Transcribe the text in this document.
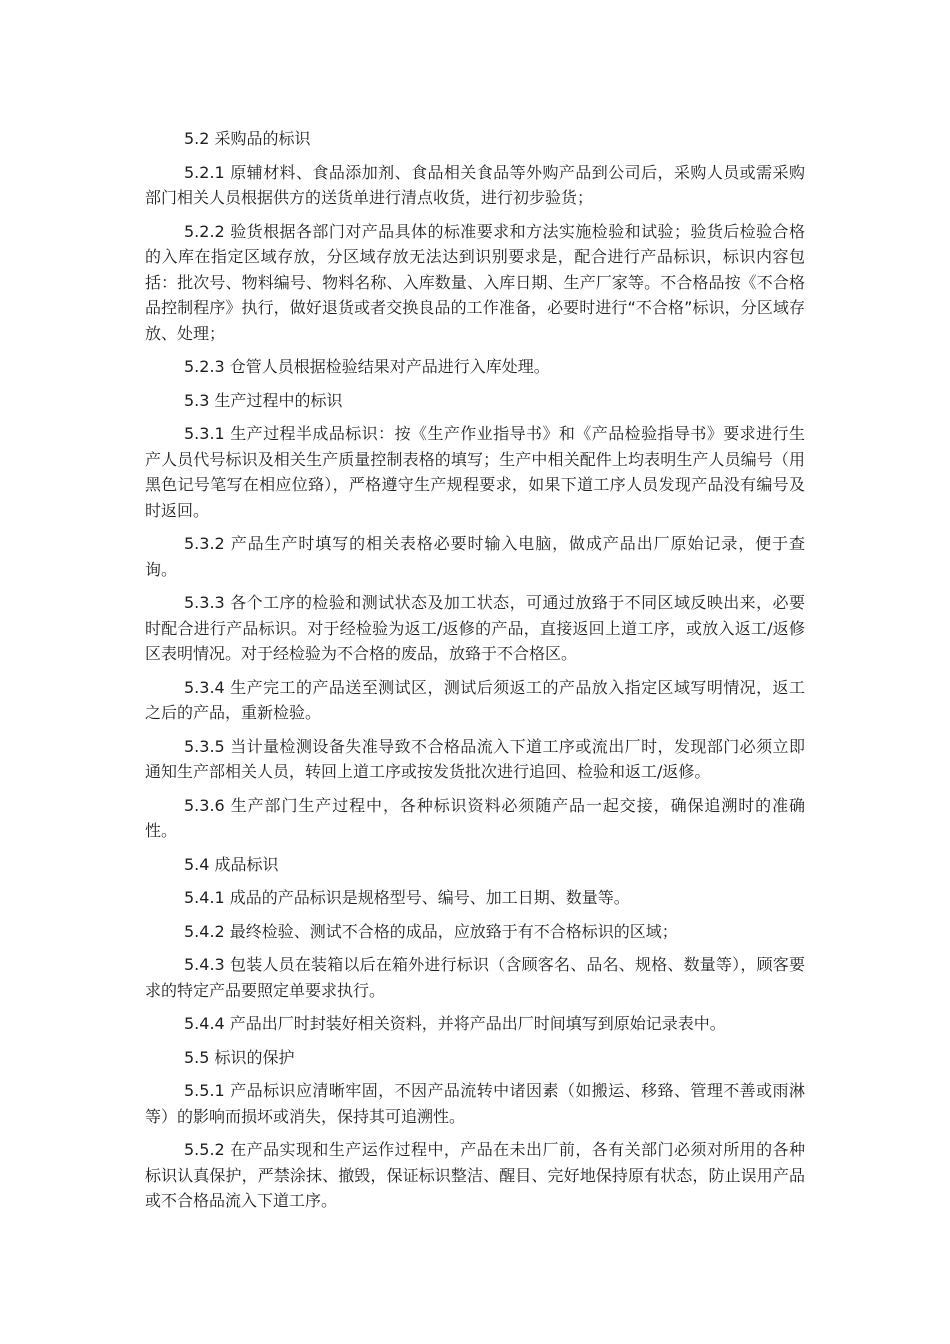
5.2 采购品的标识

5.2.1 原辅材料、食品添加剂、食品相关食品等外购产品到公司后，采购人员或需采购部门相关人员根据供方的送货单进行清点收货，进行初步验货；

5.2.2 验货根据各部门对产品具体的标准要求和方法实施检验和试验；验货后检验合格的入库在指定区域存放，分区域存放无法达到识别要求是，配合进行产品标识，标识内容包括：批次号、物料编号、物料名称、入库数量、入库日期、生产厂家等。不合格品按《不合格品控制程序》执行，做好退货或者交换良品的工作准备，必要时进行“不合格”标识，分区域存放、处理；

5.2.3 仓管人员根据检验结果对产品进行入库处理。

5.3 生产过程中的标识

5.3.1 生产过程半成品标识：按《生产作业指导书》和《产品检验指导书》要求进行生产人员代号标识及相关生产质量控制表格的填写；生产中相关配件上均表明生产人员编号（用黑色记号笔写在相应位臵），严格遵守生产规程要求，如果下道工序人员发现产品没有编号及时返回。

5.3.2 产品生产时填写的相关表格必要时输入电脑，做成产品出厂原始记录，便于查询。

5.3.3 各个工序的检验和测试状态及加工状态，可通过放臵于不同区域反映出来，必要时配合进行产品标识。对于经检验为返工/返修的产品，直接返回上道工序，或放入返工/返修区表明情况。对于经检验为不合格的废品，放臵于不合格区。

5.3.4 生产完工的产品送至测试区，测试后须返工的产品放入指定区域写明情况，返工之后的产品，重新检验。

5.3.5 当计量检测设备失准导致不合格品流入下道工序或流出厂时，发现部门必须立即通知生产部相关人员，转回上道工序或按发货批次进行追回、检验和返工/返修。

5.3.6 生产部门生产过程中，各种标识资料必须随产品一起交接，确保追溯时的准确性。

5.4 成品标识

5.4.1 成品的产品标识是规格型号、编号、加工日期、数量等。

5.4.2 最终检验、测试不合格的成品，应放臵于有不合格标识的区域；

5.4.3 包装人员在装箱以后在箱外进行标识（含顾客名、品名、规格、数量等），顾客要求的特定产品要照定单要求执行。

5.4.4 产品出厂时封装好相关资料，并将产品出厂时间填写到原始记录表中。

5.5 标识的保护

5.5.1 产品标识应清晰牢固，不因产品流转中诸因素（如搬运、移臵、管理不善或雨淋等）的影响而损坏或消失，保持其可追溯性。

5.5.2 在产品实现和生产运作过程中，产品在未出厂前，各有关部门必须对所用的各种标识认真保护，严禁涂抹、撤毁，保证标识整洁、醒目、完好地保持原有状态，防止误用产品或不合格品流入下道工序。
